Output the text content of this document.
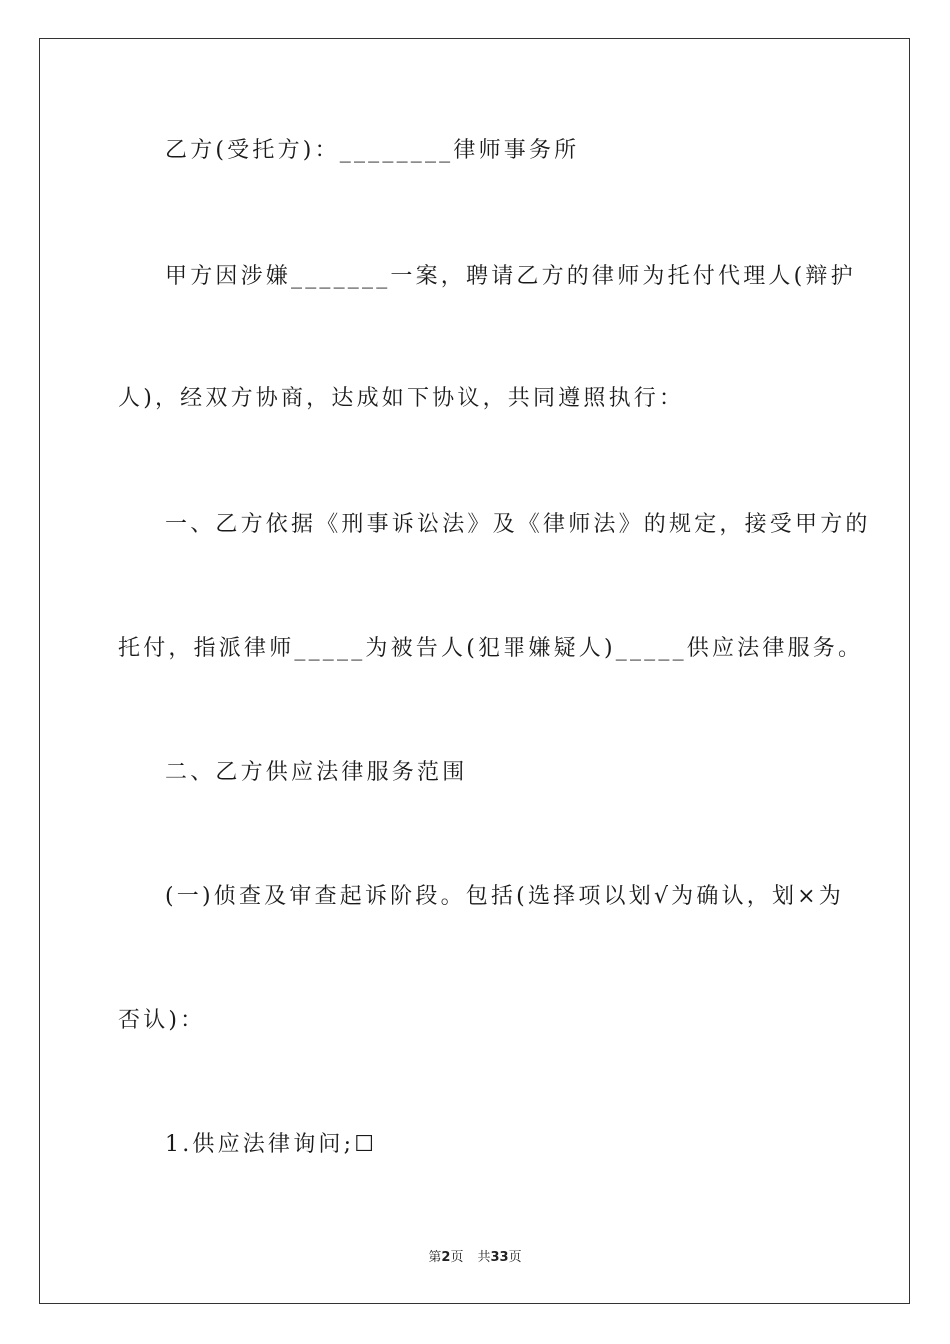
乙方(受托方)：________律师事务所
甲方因涉嫌_______一案，聘请乙方的律师为托付代理人(辩护
人)，经双方协商，达成如下协议，共同遵照执行：
一、乙方依据《刑事诉讼法》及《律师法》的规定，接受甲方的
托付，指派律师_____为被告人(犯罪嫌疑人)_____供应法律服务。
二、乙方供应法律服务范围
(一)侦查及审查起诉阶段。包括(选择项以划√为确认，划×为
否认)：
1.供应法律询问;☐
第2页 共33页
